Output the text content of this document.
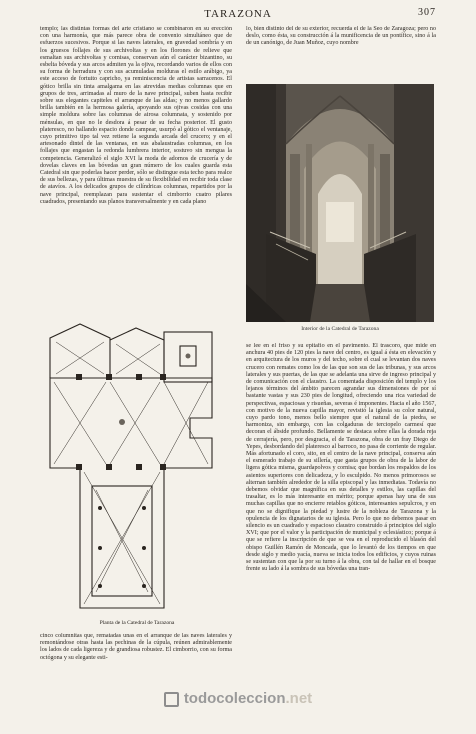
TARAZONA	307

templo; las distintas formas del arte cristiano se combinaron en su erección con una harmonía, que más parece obra de convenio simultáneo que de esfuerzos sucesivos. Porque si las naves laterales, en gravedad sombría y en los gruesos follajes de sus archivoltas y en los florones de relieve que esmaltan sus archivoltas y cornisas, conservan aún el carácter bizantino, su esbelta bóveda y sus arcos admiten ya la ojiva, recordando varios de ellos con su forma de herradura y con sus acumuladas molduras el estilo arábigo, ya este acceso de fortuito capricho, ya reminiscencia de artistas sarracenos. El gótico brilla sin tinta amalgama en las atrevidas medias columnas que en grupos de tres, arrimadas al muro de la nave principal, suben hasta recibir sobre sus elegantes capiteles el arranque de las aldas; y no menos gallardo brilla también en la hermosa galería, apoyando sus ojivas cosidas con una simple moldura sobre las columnas de airosa columnata, y sostenido por ménsulas, en que no le desdora á pesar de su fecha posterior. El gusto plateresco, no hallando espacio donde campear, usurpó al gótico el ventanaje, cuyo primitivo tipo tal vez retiene la segunda arcada del crucero; y en el artesonado dintel de las ventanas, en sus abalaustradas columnas, en los follajes que engastan la redonda lumbrera interior, sostuvo sin mengua la competencia. Generalizó el siglo XVI la moda de adornos de crucería y de dovelas claves en las bóvedas un gran número de los cuales guarda esta Catedral sin que poderlas hacer perder, sólo se distingue esta techo para realce de sus bellezas, y para últimas muestra de su flexibilidad en recibir toda clase de atavíos. A los delicados grupos de cilíndricas columnas, repartidos por la nave principal, reemplazan para sustentar el cimborrio cuatro pilares cuadrados, presentando sus planos transversalmente y en cada plano

lo, bien distinto del de su exterior, recuerda el de la Seo de Zaragoza; pero no deslo, como ésta, su construcción á la munificencia de un pontífice, sino á la de un canónigo, de Juan Muñoz, cuyo nombre

Interior de la Catedral de Tarazona

se lee en el friso y su epitafio en el pavimento. El trascoro, que mide en anchura 40 pies de 120 pies la nave del centro, es igual á ésta en elevación y en arquitectura de los muros y del techo, sobre el cual se levantan dos naves crucero con remates como los de las que son sus de las tribunas, y sus arcos laterales y sus puertas, de las que se adelanta una sirve de ingreso principal y de comunicación con el claustro. La comentada disposición del templo y los lejanos términos del ámbito parecen agrandar sus dimensiones de por sí bastante vastas y sus 230 pies de longitud, ofreciendo una rica variedad de perspectivas, espaciosas y risueñas, severas é imponentes. Hacia el año 1567, con motivo de la nueva capilla mayor, revistió la iglesia su color natural, cuyo pardo tono, menos bello siempre que el natural de la piedra, se harmoniza, sin embargo, con las colgaduras de terciopelo carmesí que decoran el ábside profundo. Bellamente se destaca sobre ellas la dorada reja de cerrajería, pero, por desgracia, el de Tarazona, obra de un fray Diego de Yepes, desbordando del plateresco al barroco, no pasa de corriente de regular. Más afortunado el coro, sito, en el centro de la nave principal, conserva aún el esmerado trabajo de su sillería, que gasta grupos de obra de la labor de ligera gótica misma, guardapolvos y cornisa; que bordan los respaldos de los asientos superiores con delicadeza, y lo esculpido. No menos primorosos se alternan también alrededor de la silla episcopal y las inmediatas. Todavía no debemos olvidar que magnífica en sus detalles y estilos, las capillas del trasaltar, es lo más interesante en mérito; porque apenas hay una de sus muchas capillas que no encierre retablos góticos, interesantes sepulcros, y en que no se dignifique la piedad y lustre de la nobleza de Tarazona y la opulencia de los dignatarios de su iglesia. Pero lo que no debemos pasar en silencio es un cuadrado y espacioso claustro construido á principios del siglo XVI; que por el valor y la participación de municipal y eclesiástico; porque á que se refiere la inscripción de que se vea en el reproducido el blasón del obispo Guillén Ramón de Moncada, que lo levantó de los tiempos en que desde siglo y medio yacía, nueva se inicia todos los edificios, y cuyos ruinas se sustentan con que la por su turno á la obra, con tal de hallar en el bosque frente su lado á la sombra de sus bóvedas una tran-

Planta de la Catedral de Tarazona

cinco columnitas que, rematadas unas en el arranque de las naves laterales y remontándose otras hasta las pechinas de la cúpula, reúnen admirablemente los lados de cada ligereza y de grandiosa robustez. El cimborrio, con su forma octógona y su elegante esti-

todocoleccion .net
